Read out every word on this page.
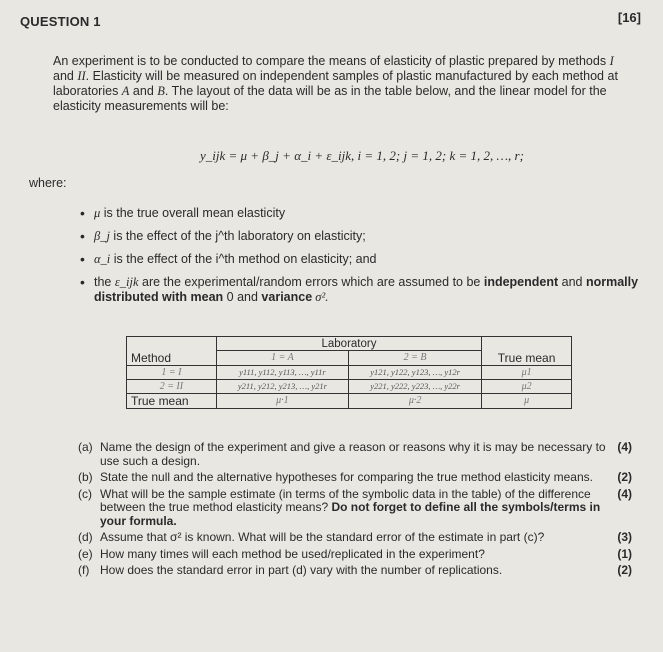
QUESTION 1	[16]
An experiment is to be conducted to compare the means of elasticity of plastic prepared by methods I and II. Elasticity will be measured on independent samples of plastic manufactured by each method at laboratories A and B. The layout of the data will be as in the table below, and the linear model for the elasticity measurements will be:
y_ijk = μ + β_j + α_i + ε_ijk, i = 1, 2; j = 1, 2; k = 1, 2, …, r;
where:
• μ is the true overall mean elasticity
• β_j is the effect of the j^th laboratory on elasticity;
• α_i is the effect of the i^th method on elasticity; and
• the ε_ijk are the experimental/random errors which are assumed to be independent and normally distributed with mean 0 and variance σ².
	Laboratory		
Method	1 = A	2 = B	True mean
1 = I	y111, y112, y113, …, y11r	y121, y122, y123, …, y12r	μ1
2 = II	y211, y212, y213, …, y21r	y221, y222, y223, …, y22r	μ2
True mean	μ·1	μ·2	μ
(a) Name the design of the experiment and give a reason or reasons why it is may be necessary to use such a design.
(4)
(b) State the null and the alternative hypotheses for comparing the true method elasticity means.	(2)
(c) What will be the sample estimate (in terms of the symbolic data in the table) of the difference between the true method elasticity means? Do not forget to define all the symbols/terms in your formula.
(4)
(d) Assume that σ² is known. What will be the standard error of the estimate in part (c)?	(3)
(e) How many times will each method be used/replicated in the experiment?	(1)
(f) How does the standard error in part (d) vary with the number of replications.	(2)
